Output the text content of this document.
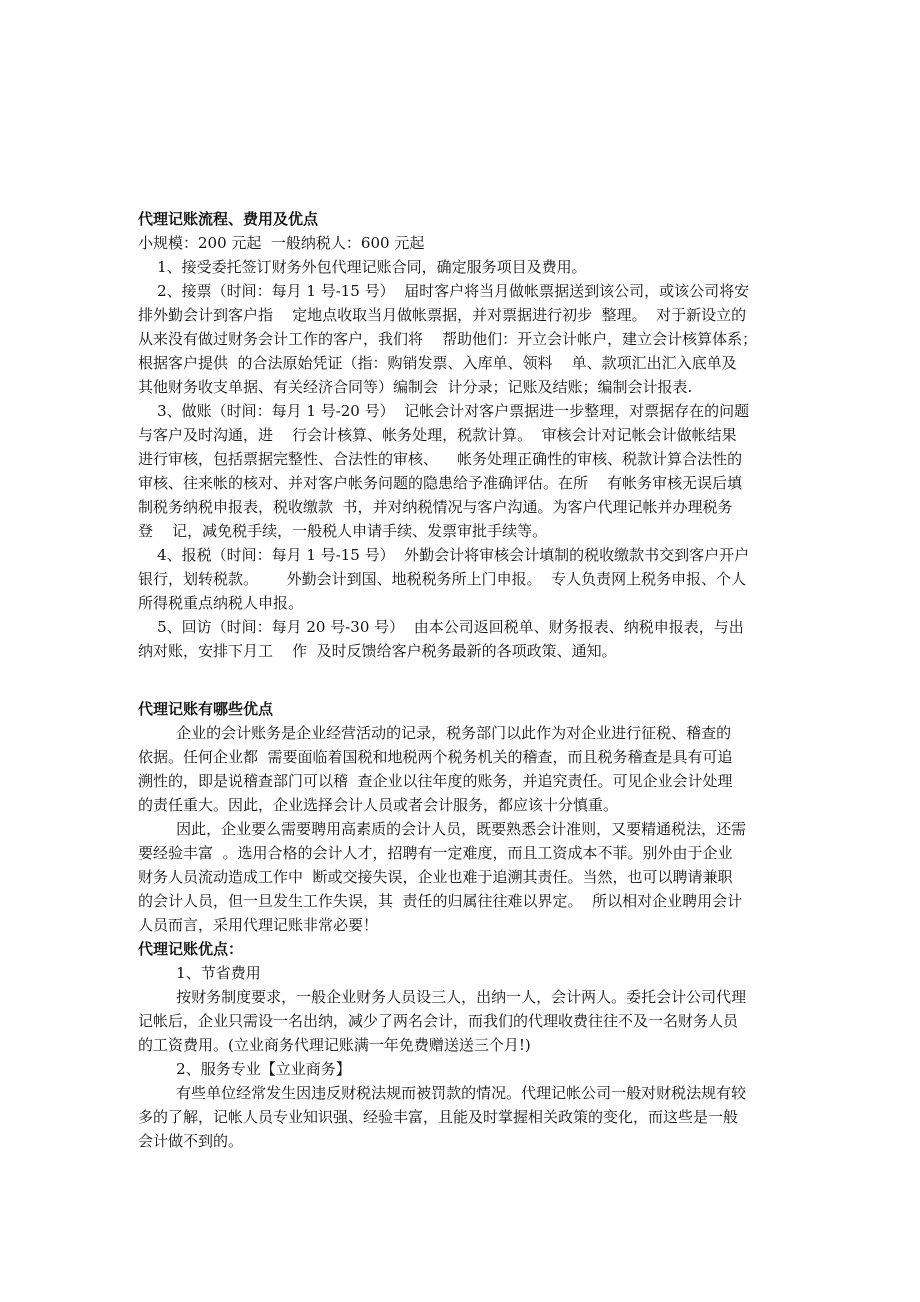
代理记账流程、费用及优点

小规模：200 元起  一般纳税人：600 元起

1、接受委托签订财务外包代理记账合同，确定服务项目及费用。

2、接票（时间：每月 1 号-15 号）  届时客户将当月做帐票据送到该公司，或该公司将安

排外勤会计到客户指    定地点收取当月做帐票据，并对票据进行初步  整理。  对于新设立的

从来没有做过财务会计工作的客户，我们将    帮助他们：开立会计帐户，建立会计核算体系；

根据客户提供  的合法原始凭证（指：购销发票、入库单、领料    单、款项汇出汇入底单及

其他财务收支单据、有关经济合同等）编制会  计分录；记账及结账；编制会计报表.

3、做账（时间：每月 1 号-20 号）  记帐会计对客户票据进一步整理，对票据存在的问题

与客户及时沟通，进    行会计核算、帐务处理，税款计算。  审核会计对记帐会计做帐结果

进行审核，包括票据完整性、合法性的审核、    帐务处理正确性的审核、税款计算合法性的

审核、往来帐的核对、并对客户帐务问题的隐患给予准确评估。在所    有帐务审核无误后填

制税务纳税申报表，税收缴款  书，并对纳税情况与客户沟通。为客户代理记帐并办理税务

登    记，减免税手续，一般税人申请手续、发票审批手续等。

4、报税（时间：每月 1 号-15 号）  外勤会计将审核会计填制的税收缴款书交到客户开户

银行，划转税款。      外勤会计到国、地税税务所上门申报。  专人负责网上税务申报、个人

所得税重点纳税人申报。

5、回访（时间：每月 20 号-30 号）  由本公司返回税单、财务报表、纳税申报表，与出

纳对账，安排下月工    作  及时反馈给客户税务最新的各项政策、通知。

代理记账有哪些优点

企业的会计账务是企业经营活动的记录，税务部门以此作为对企业进行征税、稽查的

依据。任何企业都  需要面临着国税和地税两个税务机关的稽查，而且税务稽查是具有可追

溯性的，即是说稽查部门可以稽  查企业以往年度的账务，并追究责任。可见企业会计处理

的责任重大。因此，企业选择会计人员或者会计服务，都应该十分慎重。

因此，企业要么需要聘用高素质的会计人员，既要熟悉会计准则，又要精通税法，还需

要经验丰富  。选用合格的会计人才，招聘有一定难度，而且工资成本不菲。别外由于企业

财务人员流动造成工作中  断或交接失误，企业也难于追溯其责任。当然，也可以聘请兼职

的会计人员，但一旦发生工作失误，其  责任的归属往往难以界定。  所以相对企业聘用会计

人员而言，采用代理记账非常必要！

代理记账优点：

1、节省费用

按财务制度要求，一般企业财务人员设三人，出纳一人，会计两人。委托会计公司代理

记帐后，企业只需设一名出纳，减少了两名会计，而我们的代理收费往往不及一名财务人员

的工资费用。(立业商务代理记账满一年免费赠送送三个月!)

2、服务专业【立业商务】

有些单位经常发生因违反财税法规而被罚款的情况。代理记帐公司一般对财税法规有较

多的了解，记帐人员专业知识强、经验丰富，且能及时掌握相关政策的变化，而这些是一般

会计做不到的。
